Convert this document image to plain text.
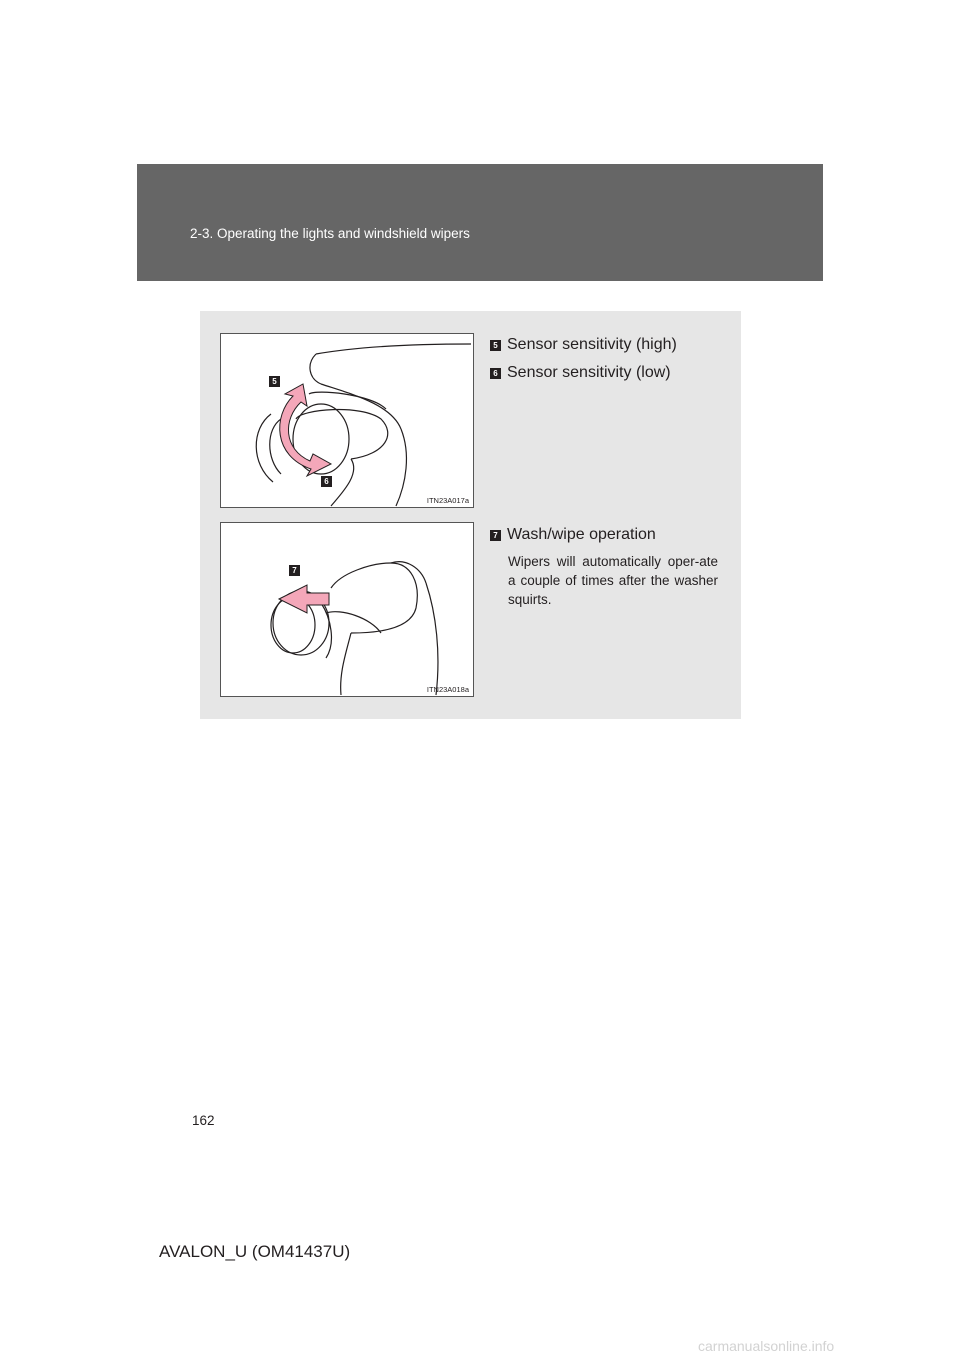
2-3. Operating the lights and windshield wipers
5
6
ITN23A017a
7
ITN23A018a
5 Sensor sensitivity (high)
6 Sensor sensitivity (low)
7 Wash/wipe operation
Wipers will automatically oper-ate a couple of times after the washer squirts.
162
AVALON_U (OM41437U)
carmanualsonline.info
